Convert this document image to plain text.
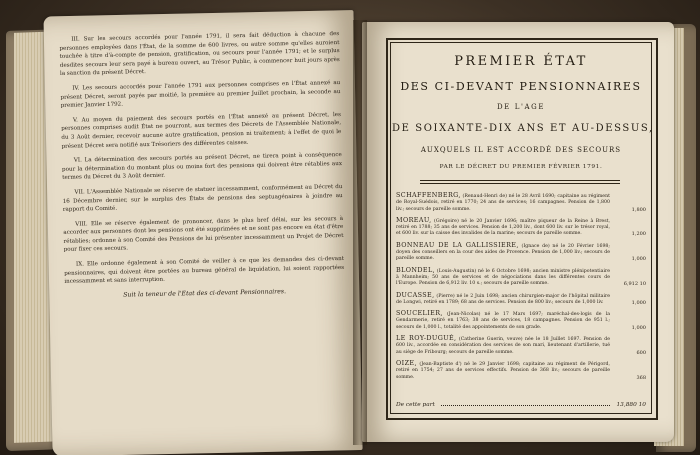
III. Sur les secours accordés pour l'année 1791, il sera fait déduction à chacune des personnes employées dans l'État, de la somme de 600 livres, ou autre somme qu'elles auroient touchée à titre d'à-compte de pension, gratification, ou secours pour l'année 1791; et le surplus desdites secours leur sera payé à bureau ouvert, au Trésor Public, à commencer huit jours après la sanction du présent Décret.

IV. Les secours accordés pour l'année 1791 aux personnes comprises en l'État annexé au présent Décret, seront payés par moitié, la première au premier Juillet prochain, la seconde au premier Janvier 1792.

V. Au moyen du paiement des secours portés en l'État annexé au présent Décret, les personnes comprises audit État ne pourront, aux termes des Décrets de l'Assemblée Nationale, du 3 Août dernier, recevoir aucune autre gratification, pension ni traitement; à l'effet de quoi le présent Décret sera notifié aux Trésoriers des différentes caisses.

VI. La détermination des secours portés au présent Décret, ne tirera point à conséquence pour la détermination du montant plus ou moins fort des pensions qui doivent être rétablies aux termes du Décret du 3 Août dernier.

VII. L'Assemblée Nationale se réserve de statuer incessamment, conformément au Décret du 16 Décembre dernier, sur le surplus des États de pensions des septuagénaires à joindre au rapport du Comité.

VIII. Elle se réserve également de prononcer, dans le plus bref délai, sur les secours à accorder aux personnes dont les pensions ont été supprimées et ne sont pas encore en état d'être rétablies; ordonne à son Comité des Pensions de lui présenter incessamment un Projet de Décret pour fixer ces secours.

IX. Elle ordonne également à son Comité de veiller à ce que les demandes des ci-devant pensionnaires, qui doivent être portées au bureau général de liquidation, lui soient rapportées incessamment et sans interruption.

Suit la teneur de l'État des ci-devant Pensionnaires.

PREMIER ÉTAT
DES CI-DEVANT PENSIONNAIRES
DE L'AGE
DE SOIXANTE-DIX ANS ET AU-DESSUS,
AUXQUELS IL EST ACCORDÉ DES SECOURS
PAR LE DÉCRET DU PREMIER FÉVRIER 1791.
SCHAFFENBERG, (Renaud-Henri de) né le 28 Avril 1690; capitaine au régiment de Royal-Suédois, retiré en 1770; 24 ans de services; 16 campagnes. Pension de 1,800 liv.; secours de pareille somme.	1,800
MOREAU, (Grégoire) né le 20 Janvier 1696; maître piqueur de la Reine à Brest, retiré en 1788; 35 ans de services. Pension de 1,200 liv., dont 600 liv. sur le trésor royal, et 600 liv. sur la caisse des invalides de la marine; secours de pareille somme.	1,200
BONNEAU DE LA GALLISSIERE, (Ignace de) né le 20 Février 1698; doyen des conseillers en la cour des aides de Provence. Pension de 1,000 liv.; secours de pareille somme.	1,000
BLONDEL, (Louis-Augustin) né le 6 Octobre 1698; ancien ministre plénipotentiaire à Mannheim; 50 ans de services et de négociations dans les différentes cours de l'Europe. Pension de 6,912 liv. 10 s.; secours de pareille somme.	6,912 10
DUCASSE, (Pierre) né le 2 Juin 1698; ancien chirurgien-major de l'hôpital militaire de Longwi, retiré en 1789; 68 ans de services. Pension de 800 liv.; secours de 1,000 liv.	1,000
SOUCELIER, (Jean-Nicolas) né le 17 Mars 1697; maréchal-des-logis de la Gendarmerie, retiré en 1763; 38 ans de services, 18 campagnes. Pension de 951 l.; secours de 1,000 l., totalité des appointements de son grade.	1,000
LE ROY-DUGUÉ, (Catherine Guerin, veuve) née le 18 Juillet 1697. Pension de 600 liv., accordée en considération des services de son mari, lieutenant d'artillerie, tué au siège de Fribourg; secours de pareille somme.	600
OIZE, (Jean-Baptiste d') né le 29 Janvier 1698; capitaine au régiment de Périgord, retiré en 1754; 27 ans de services effectifs. Pension de 368 liv.; secours de pareille somme.	368
De cette part	13,880 10
